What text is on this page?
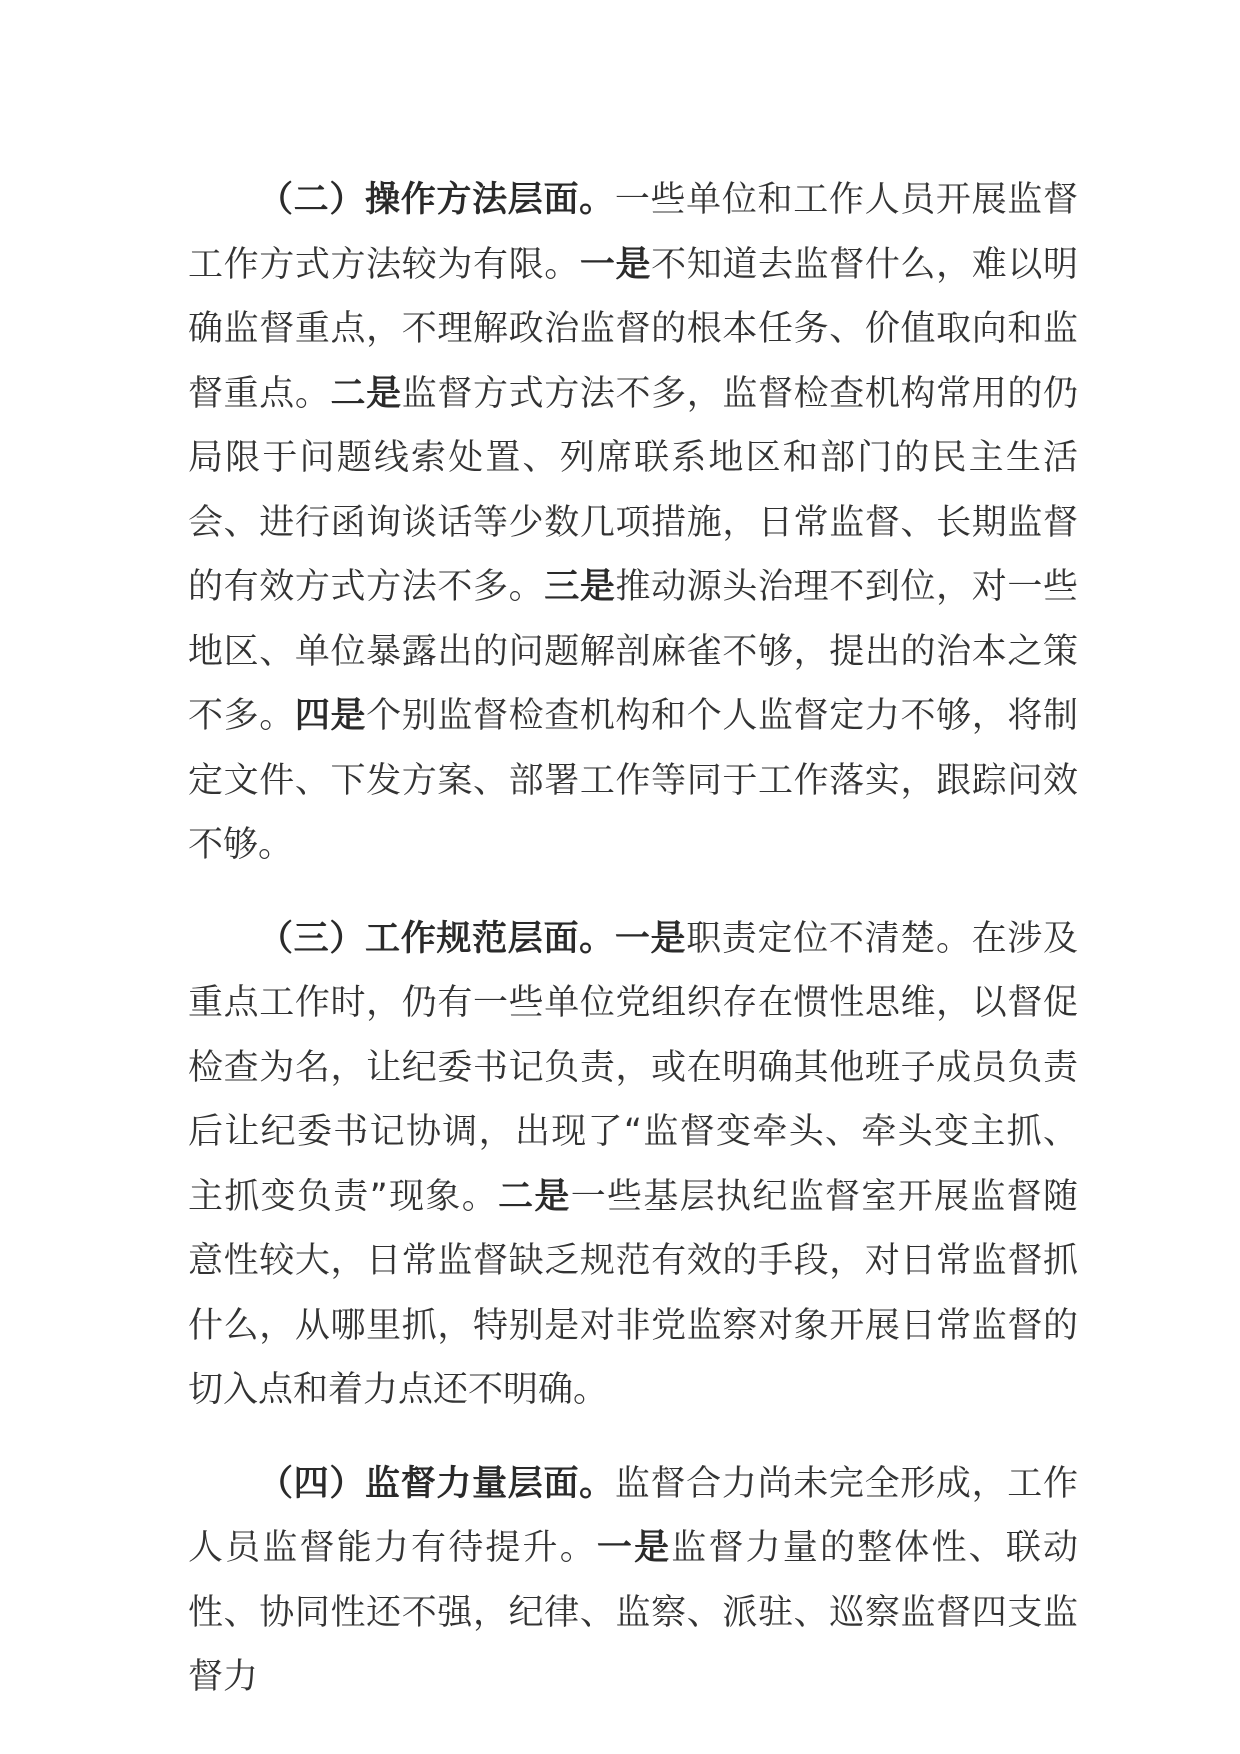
（二）操作方法层面。一些单位和工作人员开展监督工作方式方法较为有限。一是不知道去监督什么，难以明确监督重点，不理解政治监督的根本任务、价值取向和监督重点。二是监督方式方法不多，监督检查机构常用的仍局限于问题线索处置、列席联系地区和部门的民主生活会、进行函询谈话等少数几项措施，日常监督、长期监督的有效方式方法不多。三是推动源头治理不到位，对一些地区、单位暴露出的问题解剖麻雀不够，提出的治本之策不多。四是个别监督检查机构和个人监督定力不够，将制定文件、下发方案、部署工作等同于工作落实，跟踪问效不够。

（三）工作规范层面。一是职责定位不清楚。在涉及重点工作时，仍有一些单位党组织存在惯性思维，以督促检查为名，让纪委书记负责，或在明确其他班子成员负责后让纪委书记协调，出现了“监督变牵头、牵头变主抓、主抓变负责”现象。二是一些基层执纪监督室开展监督随意性较大，日常监督缺乏规范有效的手段，对日常监督抓什么，从哪里抓，特别是对非党监察对象开展日常监督的切入点和着力点还不明确。

（四）监督力量层面。监督合力尚未完全形成，工作人员监督能力有待提升。一是监督力量的整体性、联动性、协同性还不强，纪律、监察、派驻、巡察监督四支监督力
